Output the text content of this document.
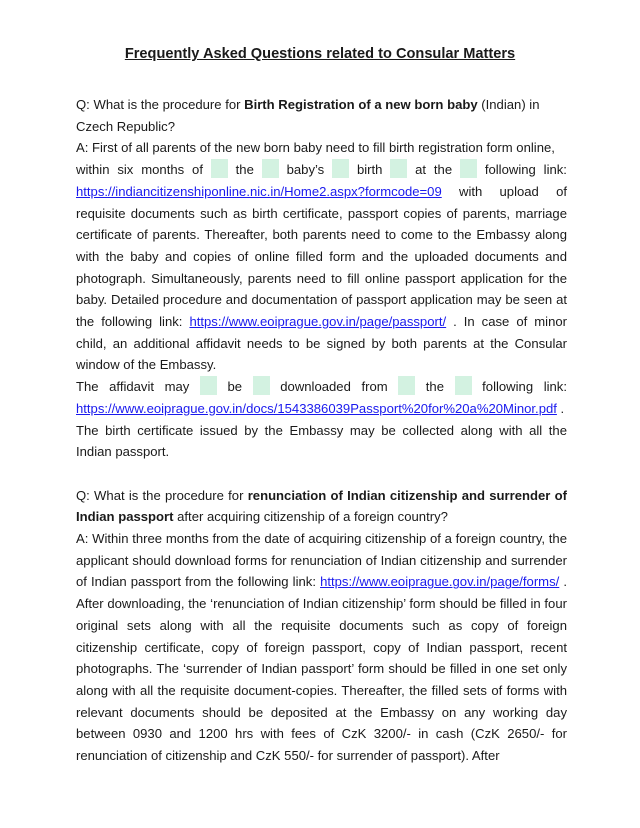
Frequently Asked Questions related to Consular Matters

Q: What is the procedure for Birth Registration of a new born baby (Indian) in Czech Republic?

A: First of all parents of the new born baby need to fill birth registration form online,

within six months of the baby’s birth at the following link:

https://indiancitizenshiponline.nic.in/Home2.aspx?formcode=09 with upload of requisite documents such as birth certificate, passport copies of parents, marriage certificate of parents. Thereafter, both parents need to come to the Embassy along with the baby and copies of online filled form and the uploaded documents and photograph. Simultaneously, parents need to fill online passport application for the baby. Detailed procedure and documentation of passport application may be seen at the following link: https://www.eoiprague.gov.in/page/passport/ . In case of minor child, an additional affidavit needs to be signed by both parents at the Consular window of the Embassy.

The affidavit may	be	downloaded from	the	following link:

https://www.eoiprague.gov.in/docs/1543386039Passport%20for%20a%20Minor.pdf .

The birth certificate issued by the Embassy may be collected along with all the Indian passport.

Q: What is the procedure for renunciation of Indian citizenship and surrender of Indian passport after acquiring citizenship of a foreign country?

A: Within three months from the date of acquiring citizenship of a foreign country, the applicant should download forms for renunciation of Indian citizenship and surrender of Indian passport from the following link: https://www.eoiprague.gov.in/page/forms/ . After downloading, the ‘renunciation of Indian citizenship’ form should be filled in four original sets along with all the requisite documents such as copy of foreign citizenship certificate, copy of foreign passport, copy of Indian passport, recent photographs. The ‘surrender of Indian passport’ form should be filled in one set only along with all the requisite document-copies. Thereafter, the filled sets of forms with relevant documents should be deposited at the Embassy on any working day between 0930 and 1200 hrs with fees of CzK 3200/- in cash (CzK 2650/- for renunciation of citizenship and CzK 550/- for surrender of passport). After
